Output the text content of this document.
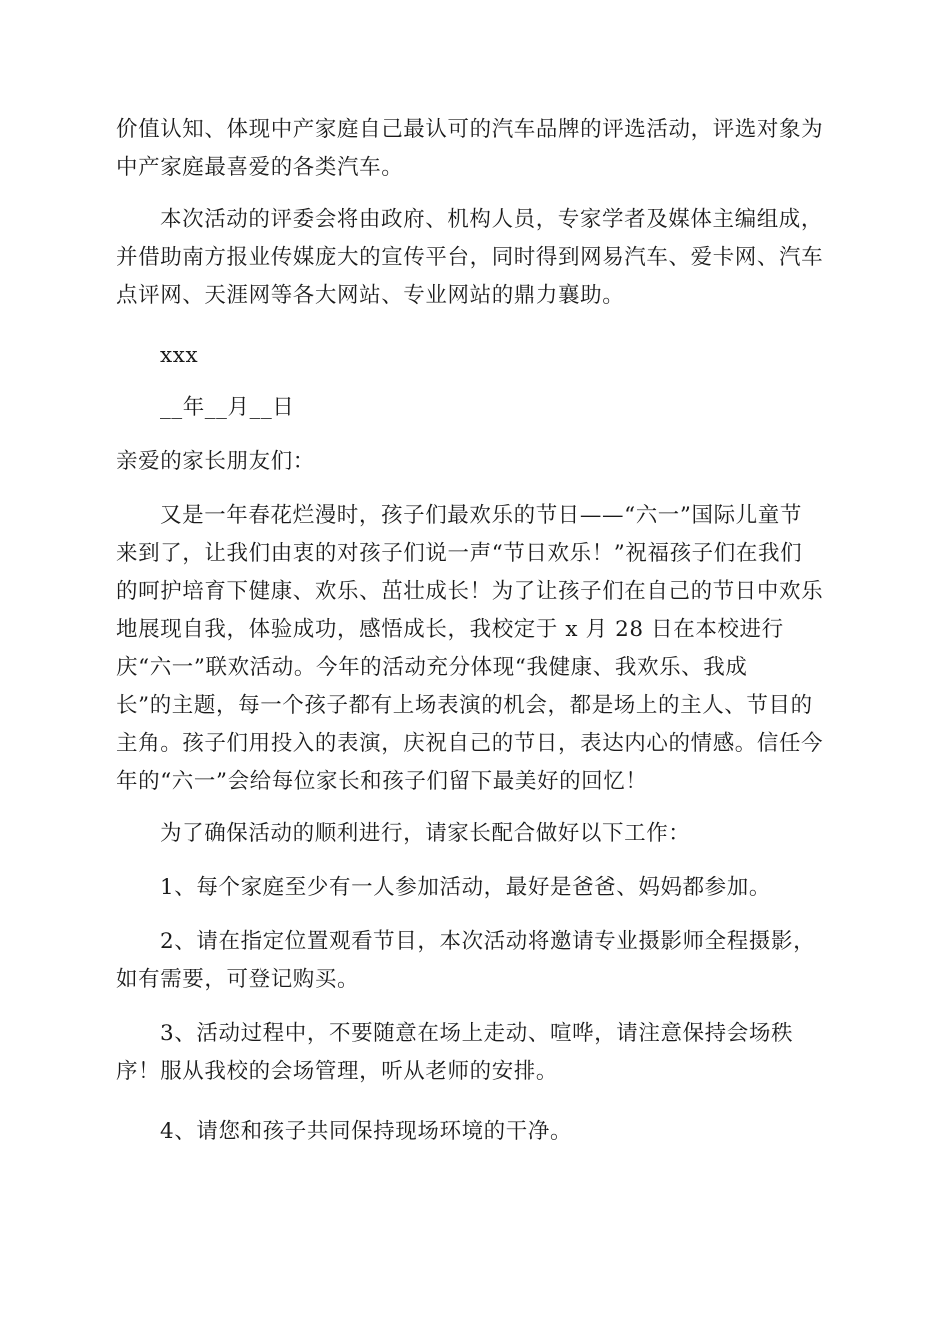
价值认知、体现中产家庭自己最认可的汽车品牌的评选活动，评选对象为
中产家庭最喜爱的各类汽车。
本次活动的评委会将由政府、机构人员，专家学者及媒体主编组成，
并借助南方报业传媒庞大的宣传平台，同时得到网易汽车、爱卡网、汽车
点评网、天涯网等各大网站、专业网站的鼎力襄助。
xxx
__年__月__日
亲爱的家长朋友们：
又是一年春花烂漫时，孩子们最欢乐的节日——“六一”国际儿童节
来到了，让我们由衷的对孩子们说一声“节日欢乐！”祝福孩子们在我们
的呵护培育下健康、欢乐、茁壮成长！为了让孩子们在自己的节日中欢乐
地展现自我，体验成功，感悟成长，我校定于 x 月 28 日在本校进行
庆“六一”联欢活动。今年的活动充分体现“我健康、我欢乐、我成
长”的主题，每一个孩子都有上场表演的机会，都是场上的主人、节目的
主角。孩子们用投入的表演，庆祝自己的节日，表达内心的情感。信任今
年的“六一”会给每位家长和孩子们留下最美好的回忆！
为了确保活动的顺利进行，请家长配合做好以下工作：
1、每个家庭至少有一人参加活动，最好是爸爸、妈妈都参加。
2、请在指定位置观看节目，本次活动将邀请专业摄影师全程摄影，
如有需要，可登记购买。
3、活动过程中，不要随意在场上走动、喧哗，请注意保持会场秩
序！服从我校的会场管理，听从老师的安排。
4、请您和孩子共同保持现场环境的干净。
